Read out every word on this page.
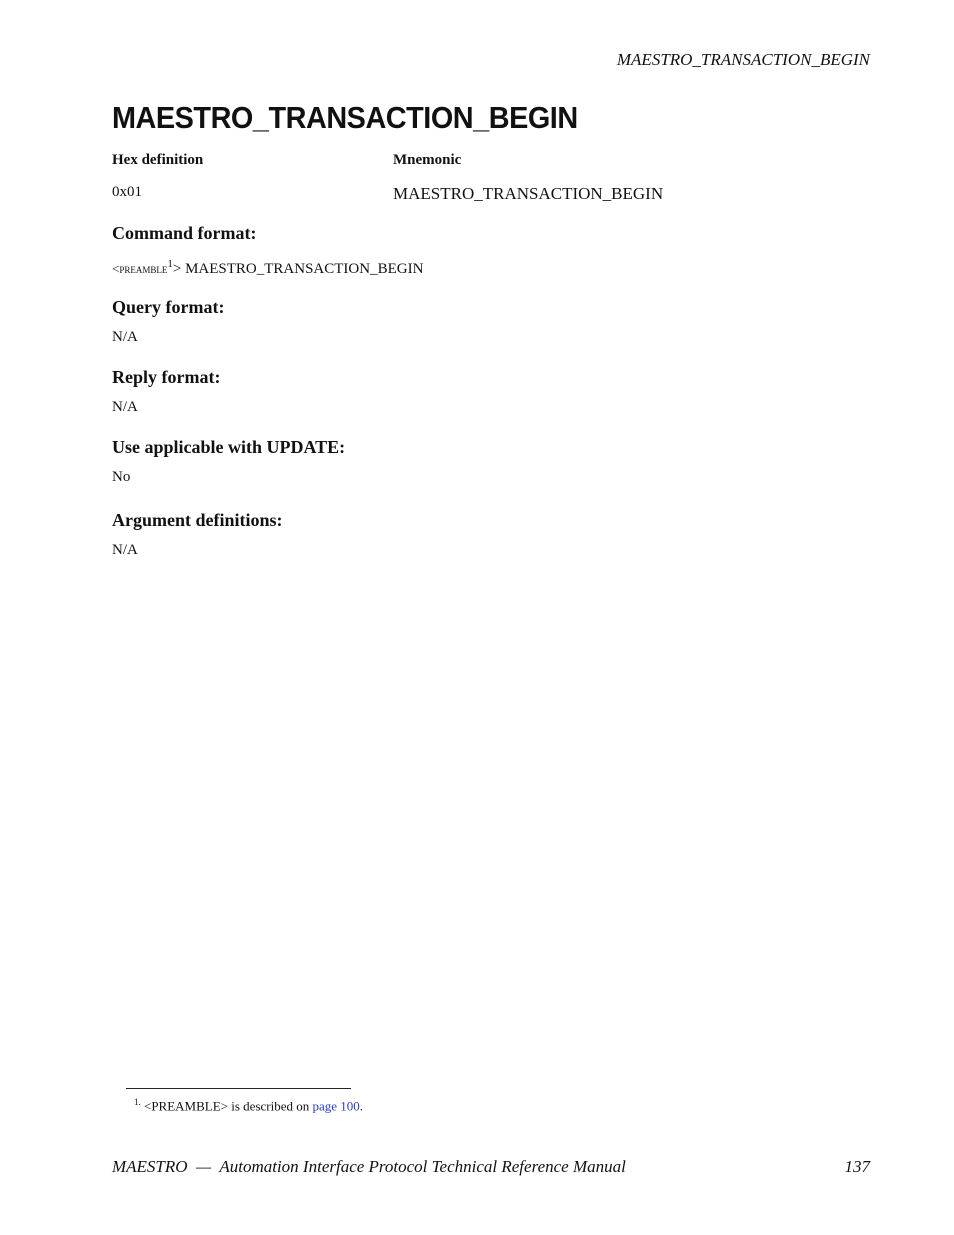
MAESTRO_TRANSACTION_BEGIN
MAESTRO_TRANSACTION_BEGIN
Hex definition	Mnemonic
0x01	MAESTRO_TRANSACTION_BEGIN
Command format:
<preamble$^1$> MAESTRO_TRANSACTION_BEGIN
Query format:
N/A
Reply format:
N/A
Use applicable with UPDATE:
No
Argument definitions:
N/A
$^{1.}$ <PREAMBLE> is described on page 100.
MAESTRO  —  Automation Interface Protocol Technical Reference Manual	137
